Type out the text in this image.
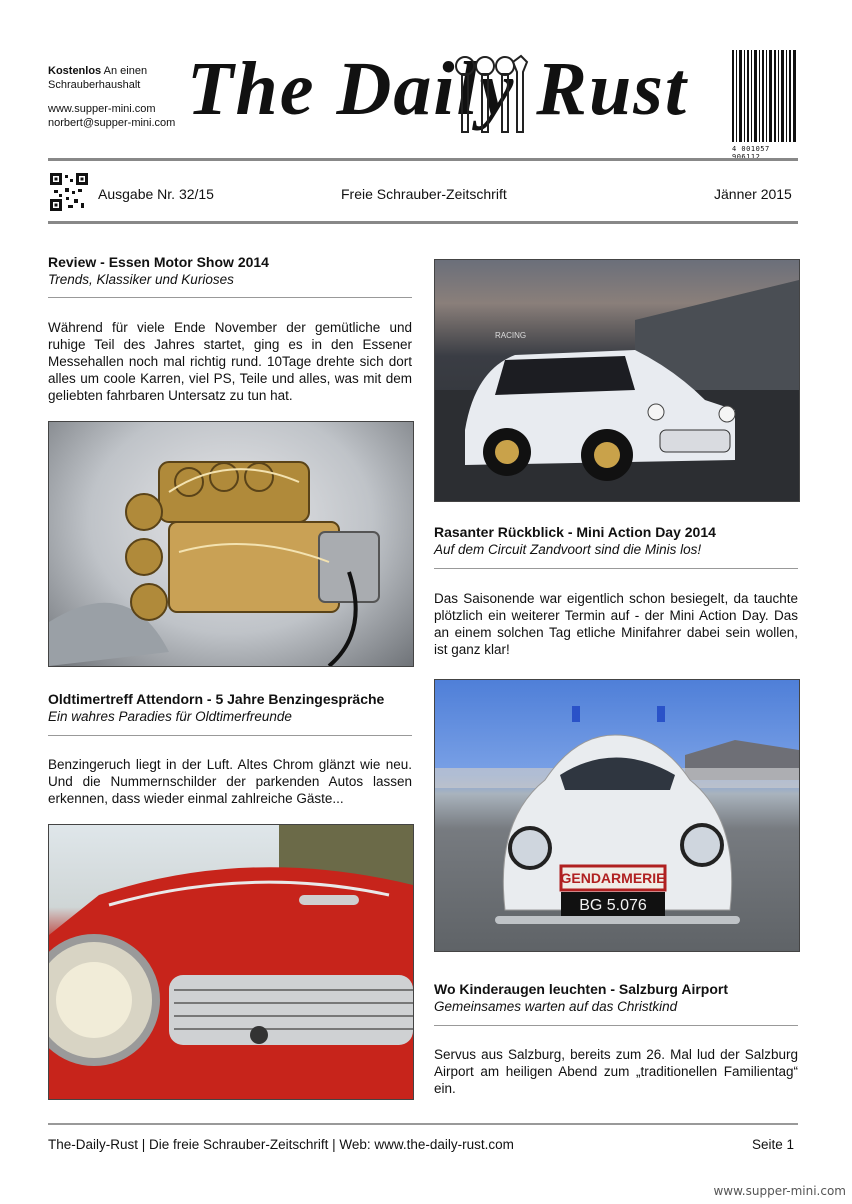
Kostenlos An einen
Schrauberhaushalt
www.supper-mini.com
norbert@supper-mini.com The Daily Rust
4 001057 906112
Ausgabe Nr. 32/15	Freie Schrauber-Zeitschrift	Jänner 2015
Review - Essen Motor Show 2014
Trends, Klassiker und Kurioses
Während für viele Ende November der gemütliche und ruhige Teil des Jahres startet, ging es in den Essener Messehallen noch mal richtig rund. 10Tage drehte sich dort alles um coole Karren, viel PS, Teile und alles, was mit dem geliebten fahrbaren Untersatz zu tun hat.
Oldtimertreff Attendorn - 5 Jahre Benzingespräche
Ein wahres Paradies für Oldtimerfreunde
Benzingeruch liegt in der Luft. Altes Chrom glänzt wie neu. Und die Nummernschilder der parkenden Autos lassen erkennen, dass wieder einmal zahlreiche Gäste...
RACING
Rasanter Rückblick - Mini Action Day 2014
Auf dem Circuit Zandvoort sind die Minis los!
Das Saisonende war eigentlich schon besiegelt, da tauchte plötzlich ein weiterer Termin auf - der Mini Action Day. Das an einem solchen Tag etliche Minifahrer dabei sein wollen, ist ganz klar!
GENDARMERIE
BG 5.076
Wo Kinderaugen leuchten - Salzburg Airport
Gemeinsames warten auf das Christkind
Servus aus Salzburg, bereits zum 26. Mal lud der Salzburg Airport am heiligen Abend zum „traditionellen Familientag“ ein.
The-Daily-Rust | Die freie Schrauber-Zeitschrift | Web: www.the-daily-rust.com	Seite 1
www.supper-mini.com
